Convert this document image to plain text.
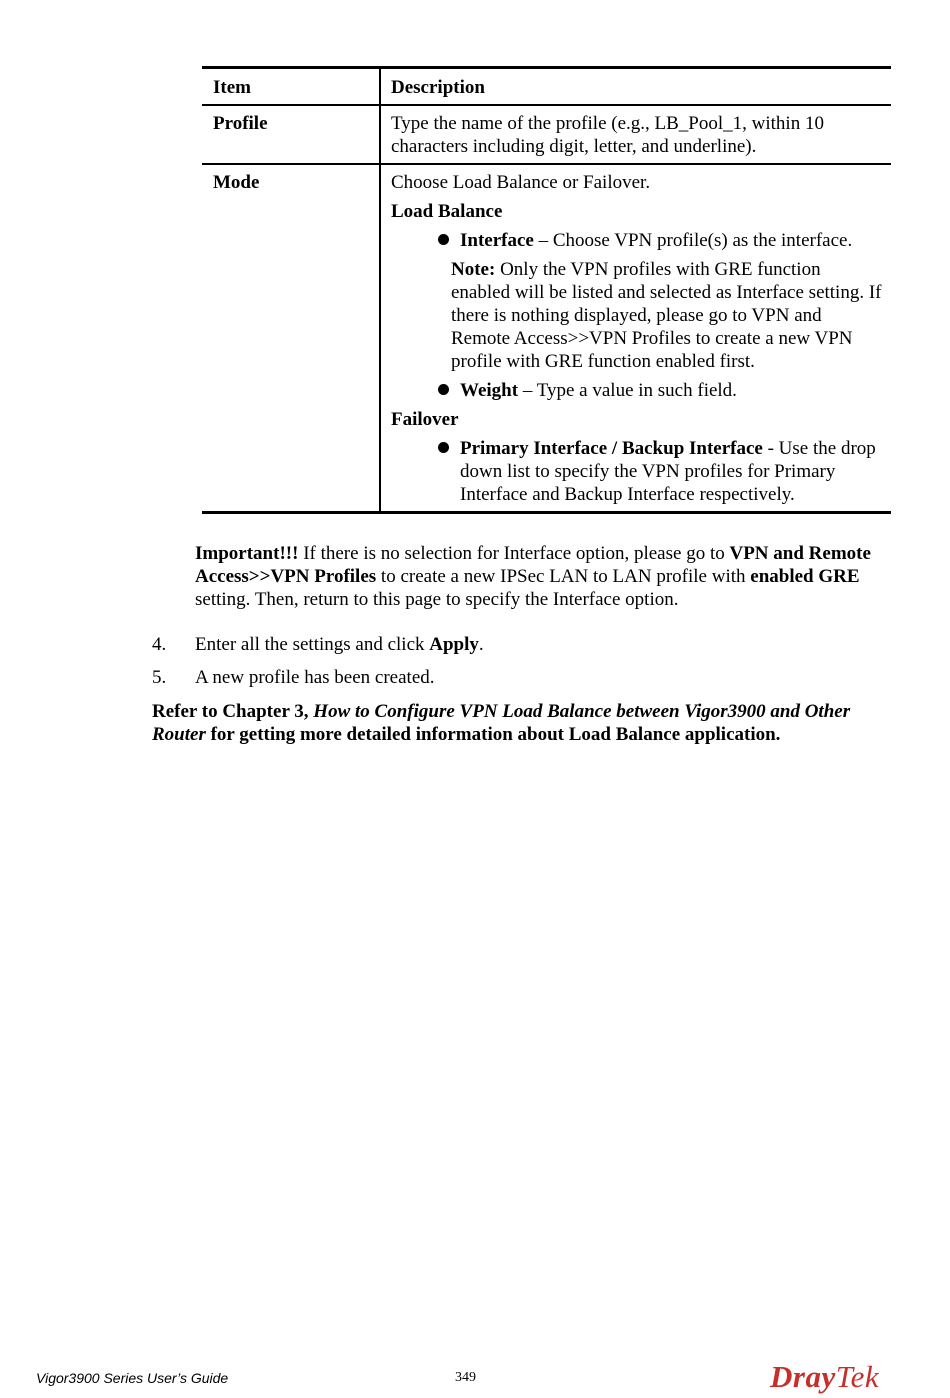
Item	Description
Profile	Type the name of the profile (e.g., LB_Pool_1, within 10 characters including digit, letter, and underline).
Mode	Choose Load Balance or Failover.
Load Balance
Interface – Choose VPN profile(s) as the interface.
Note: Only the VPN profiles with GRE function enabled will be listed and selected as Interface setting. If there is nothing displayed, please go to VPN and Remote Access>>VPN Profiles to create a new VPN profile with GRE function enabled first.
Weight – Type a value in such field.
Failover
Primary Interface / Backup Interface - Use the drop down list to specify the VPN profiles for Primary Interface and Backup Interface respectively.
Important!!! If there is no selection for Interface option, please go to VPN and Remote Access>>VPN Profiles to create a new IPSec LAN to LAN profile with enabled GRE setting. Then, return to this page to specify the Interface option.
4. Enter all the settings and click Apply.
5. A new profile has been created.
Refer to Chapter 3, How to Configure VPN Load Balance between Vigor3900 and Other Router for getting more detailed information about Load Balance application.
Vigor3900 Series User’s Guide	349	DrayTek
